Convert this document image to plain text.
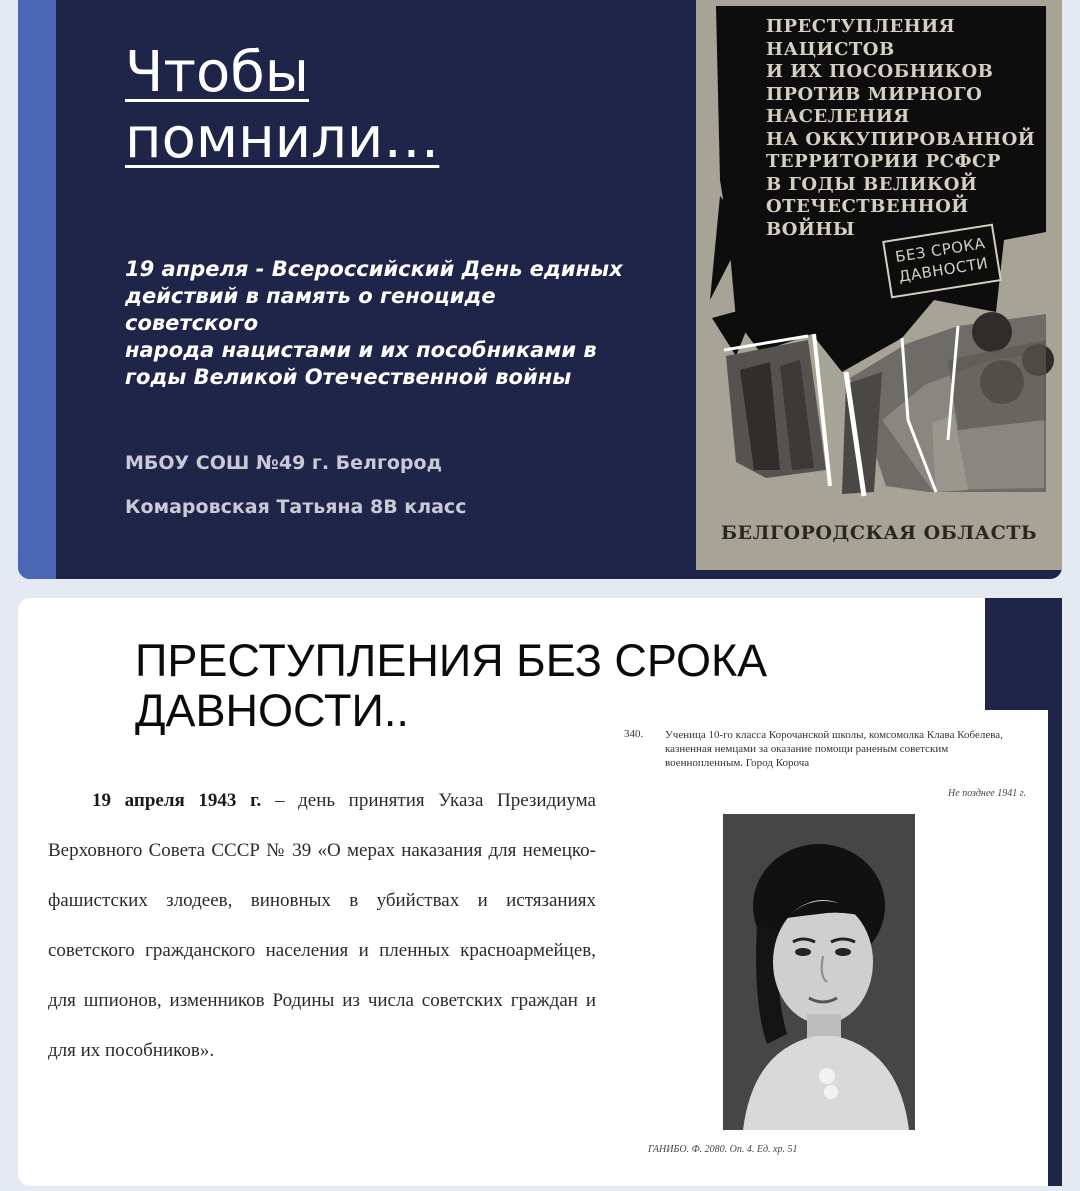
Чтобы
помнили…

19 апреля - Всероссийский День единых
действий в память о геноциде
советского
народа нацистами и их пособниками в
годы Великой Отечественной войны

МБОУ СОШ №49 г. Белгород

Комаровская Татьяна 8В класс

ПРЕСТУПЛЕНИЯ
НАЦИСТОВ
И ИХ ПОСОБНИКОВ
ПРОТИВ МИРНОГО
НАСЕЛЕНИЯ
НА ОККУПИРОВАННОЙ
ТЕРРИТОРИИ РСФСР
В ГОДЫ ВЕЛИКОЙ
ОТЕЧЕСТВЕННОЙ
ВОЙНЫ

БЕЗ СРОКА
ДАВНОСТИ

БЕЛГОРОДСКАЯ ОБЛАСТЬ

ПРЕСТУПЛЕНИЯ БЕЗ СРОКА
ДАВНОСТИ..

19 апреля 1943 г. – день принятия Указа Президиума Верховного Совета СССР № 39 «О мерах наказания для немецко-фашистских злодеев, виновных в убийствах и истязаниях советского гражданского населения и пленных красноармейцев, для шпионов, изменников Родины из числа советских граждан и для их пособников».

340. Ученица 10-го класса Корочанской школы, комсомолка Клава Кобелева, казненная немцами за оказание помощи раненым советским военнопленным. Город Короча

Не позднее 1941 г.

ГАНИБО. Ф. 2080. Оп. 4. Ед. хр. 51
